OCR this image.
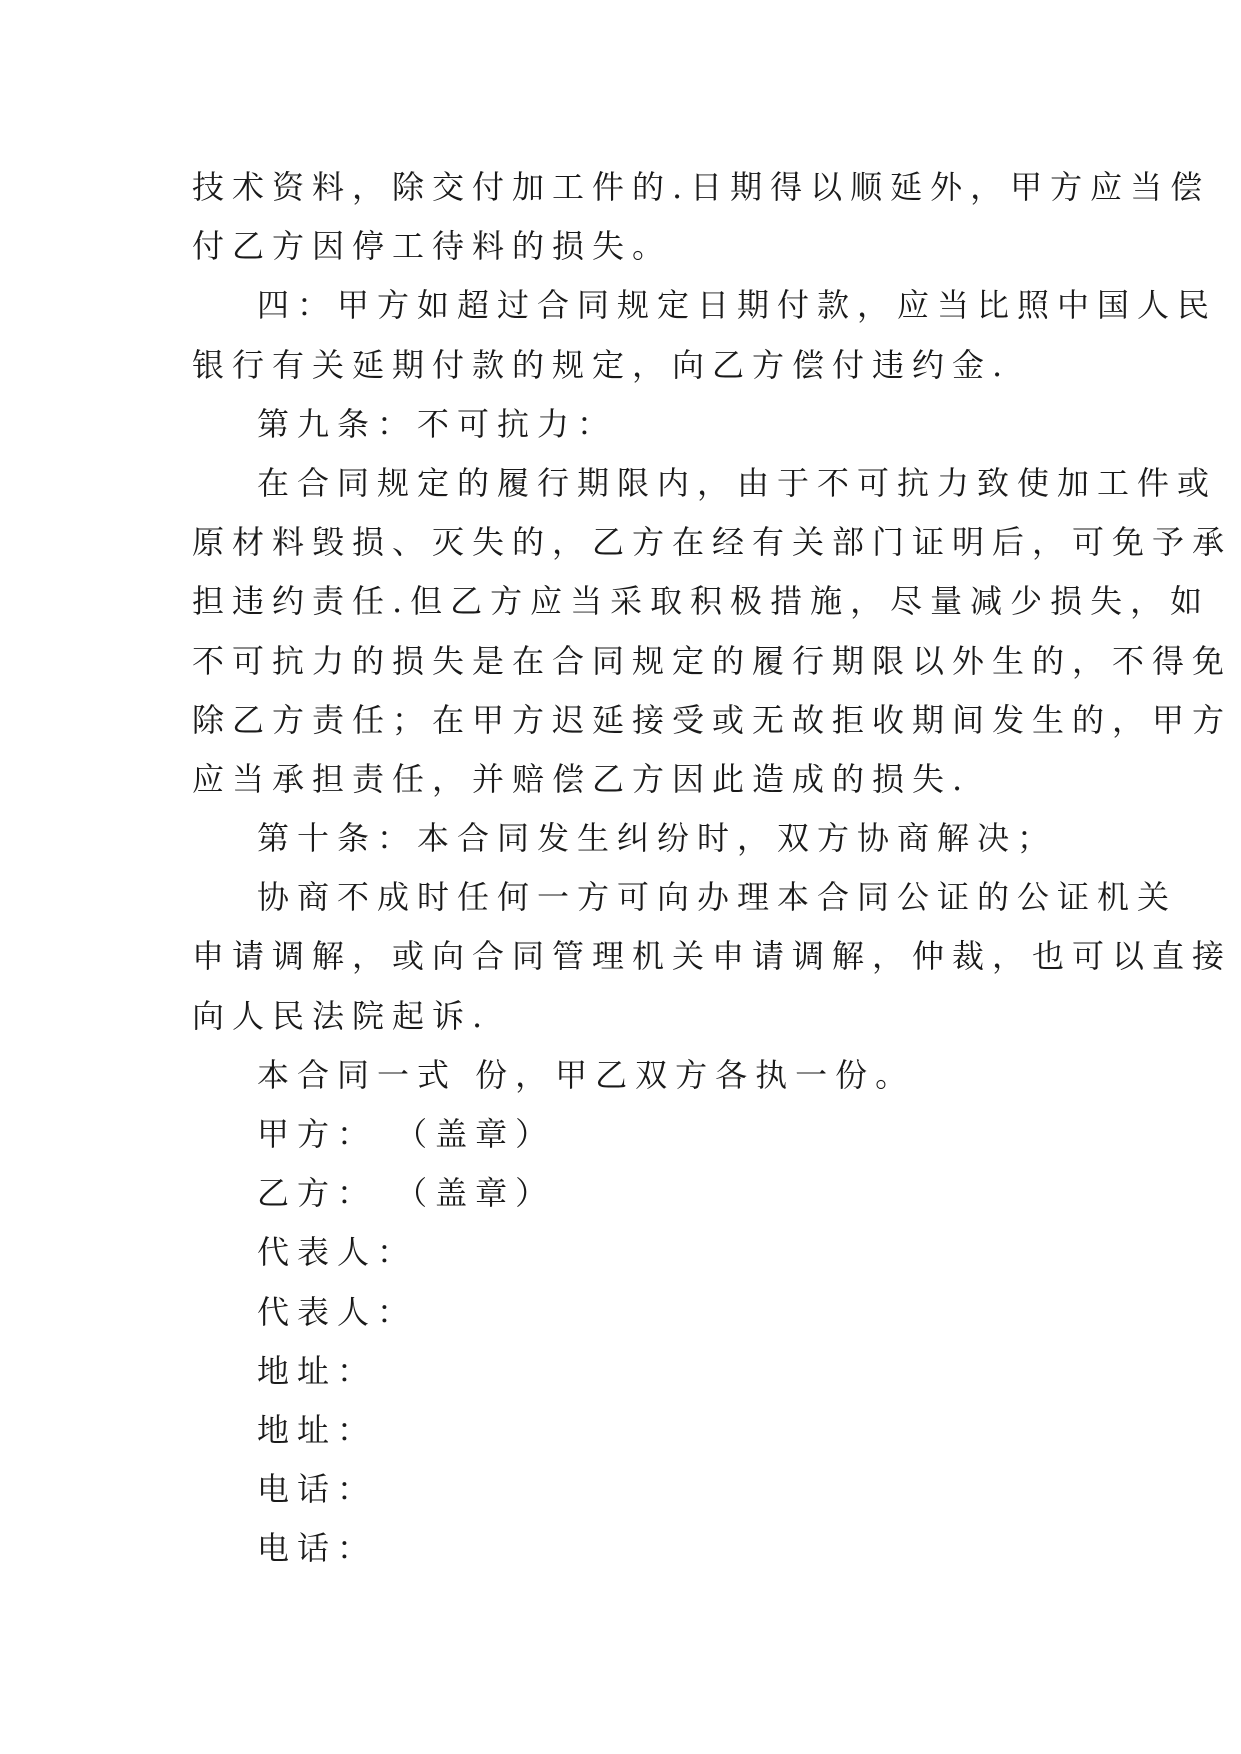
技术资料，除交付加工件的.日期得以顺延外，甲方应当偿
付乙方因停工待料的损失。
四：甲方如超过合同规定日期付款，应当比照中国人民
银行有关延期付款的规定，向乙方偿付违约金.
第九条：不可抗力：
在合同规定的履行期限内，由于不可抗力致使加工件或
原材料毁损、灭失的，乙方在经有关部门证明后，可免予承
担违约责任.但乙方应当采取积极措施，尽量减少损失，如
不可抗力的损失是在合同规定的履行期限以外生的，不得免
除乙方责任；在甲方迟延接受或无故拒收期间发生的，甲方
应当承担责任，并赔偿乙方因此造成的损失.
第十条：本合同发生纠纷时，双方协商解决；
协商不成时任何一方可向办理本合同公证的公证机关
申请调解，或向合同管理机关申请调解，仲裁，也可以直接
向人民法院起诉.
本合同一式 份，甲乙双方各执一份。
甲方： （盖章）
乙方： （盖章）
代表人：
代表人：
地址：
地址：
电话：
电话：
